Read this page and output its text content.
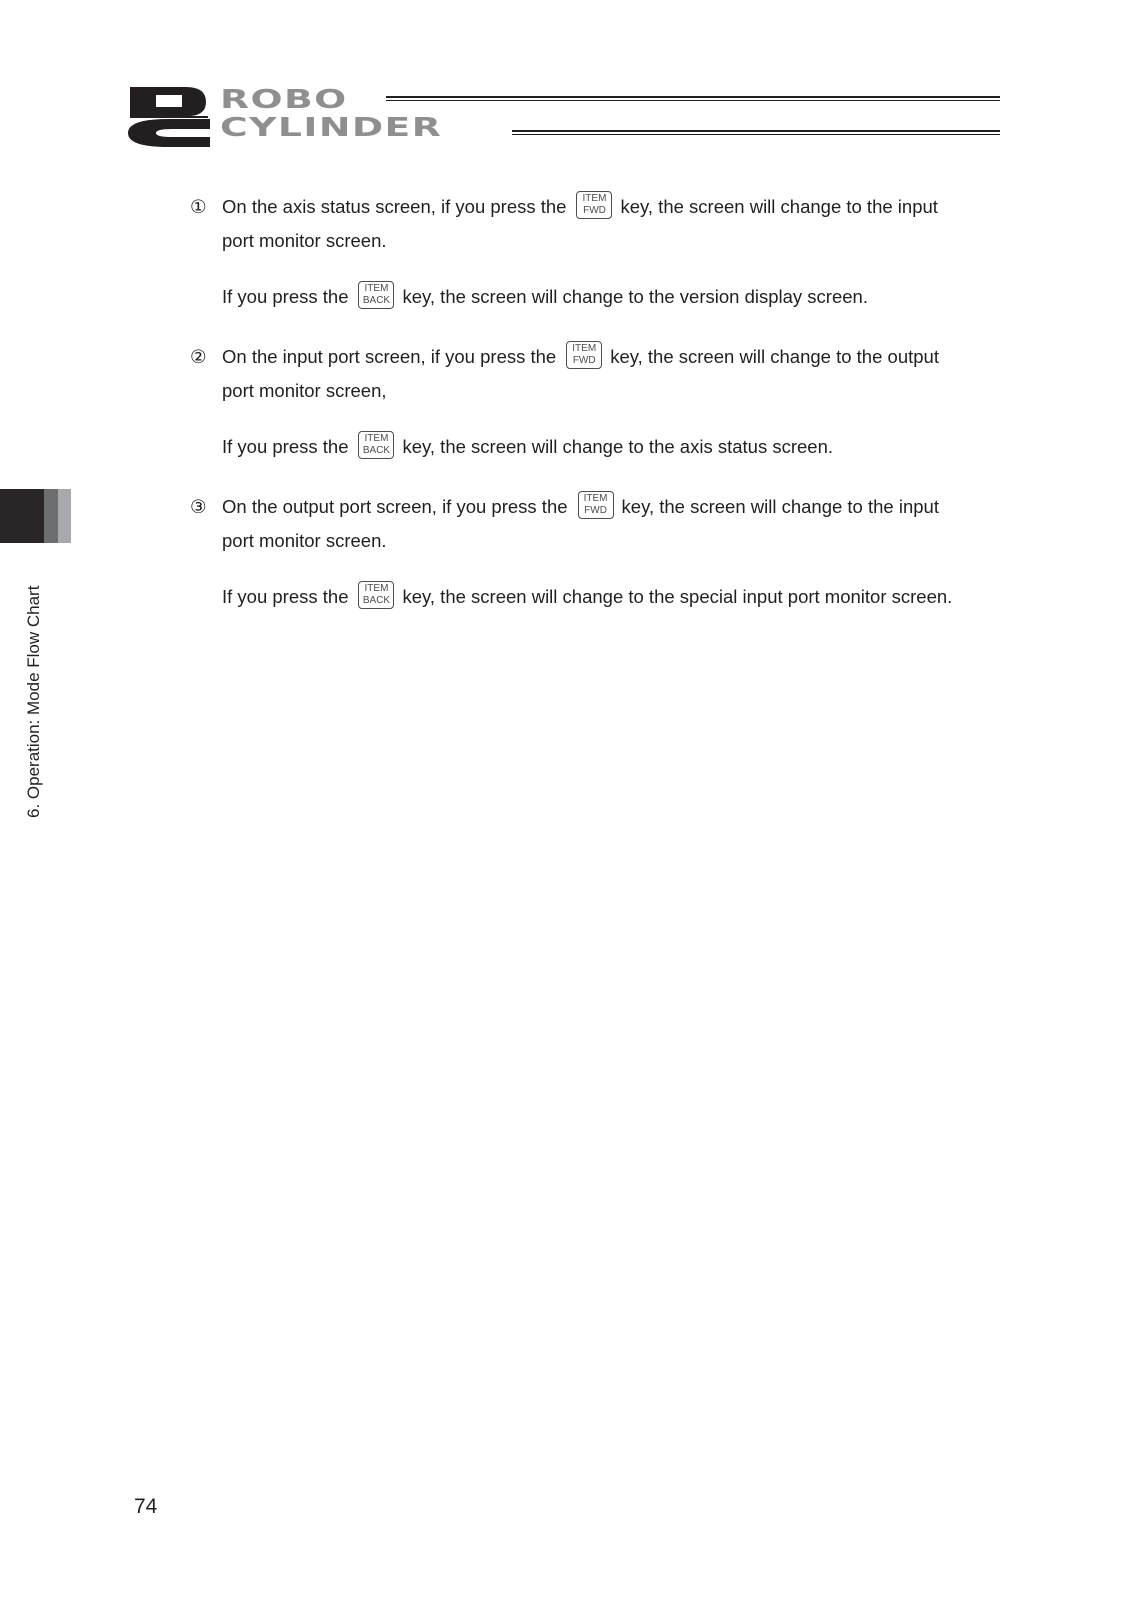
ROBO
CYLINDER
6. Operation: Mode Flow Chart
① On the axis status screen, if you press the	ITEM
FWD key, the screen will change to the input
port monitor screen.
If you press the	ITEM
BACK key, the screen will change to the version display screen.
② On the input port screen, if you press the	ITEM
FWD key, the screen will change to the output
port monitor screen,
If you press the	ITEM
BACK key, the screen will change to the axis status screen.
③ On the output port screen, if you press the	ITEM
FWD key, the screen will change to the input
port monitor screen.
If you press the	ITEM
BACK key, the screen will change to the special input port monitor screen.
74
